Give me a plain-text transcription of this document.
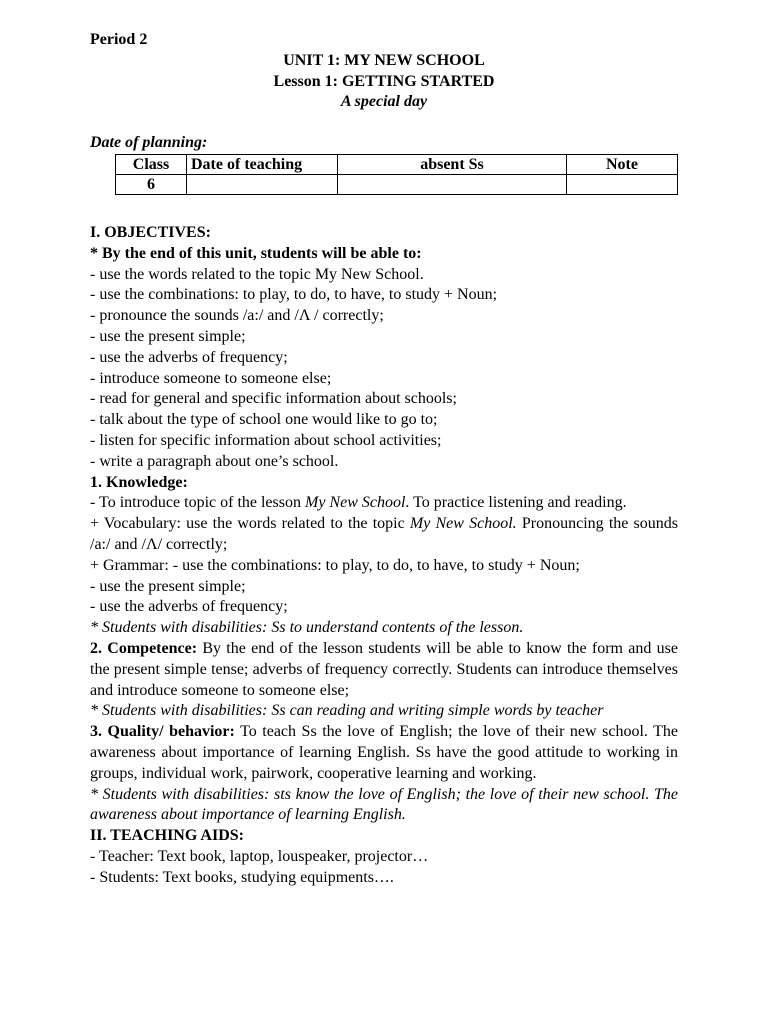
Period 2
UNIT 1: MY NEW SCHOOL
Lesson 1: GETTING STARTED
A special day
Date of planning:
Class	Date of teaching	absent Ss	Note
6			
I. OBJECTIVES:
* By the end of this unit, students will be able to:
- use the words related to the topic My New School.
- use the combinations: to play, to do, to have, to study + Noun;
- pronounce the sounds /a:/ and /Λ / correctly;
- use the present simple;
- use the adverbs of frequency;
- introduce someone to someone else;
- read for general and specific information about schools;
- talk about the type of school one would like to go to;
- listen for specific information about school activities;
- write a paragraph about one’s school.
1. Knowledge:
- To introduce topic of the lesson My New School. To practice listening and reading.
+ Vocabulary: use the words related to the topic My New School. Pronouncing the sounds /a:/ and /Λ/ correctly;
+ Grammar: - use the combinations: to play, to do, to have, to study + Noun;
- use the present simple;
- use the adverbs of frequency;
* Students with disabilities: Ss to understand contents of the lesson.
2. Competence: By the end of the lesson students will be able to know the form and use the present simple tense; adverbs of frequency correctly. Students can introduce themselves and introduce someone to someone else;
* Students with disabilities: Ss can reading and writing simple words by teacher
3. Quality/ behavior: To teach Ss the love of English; the love of their new school. The awareness about importance of learning English. Ss have the good attitude to working in groups, individual work, pairwork, cooperative learning and working.
* Students with disabilities: sts know the love of English; the love of their new school. The awareness about importance of learning English.
II. TEACHING AIDS:
- Teacher: Text book, laptop, louspeaker, projector…
- Students: Text books, studying equipments….
